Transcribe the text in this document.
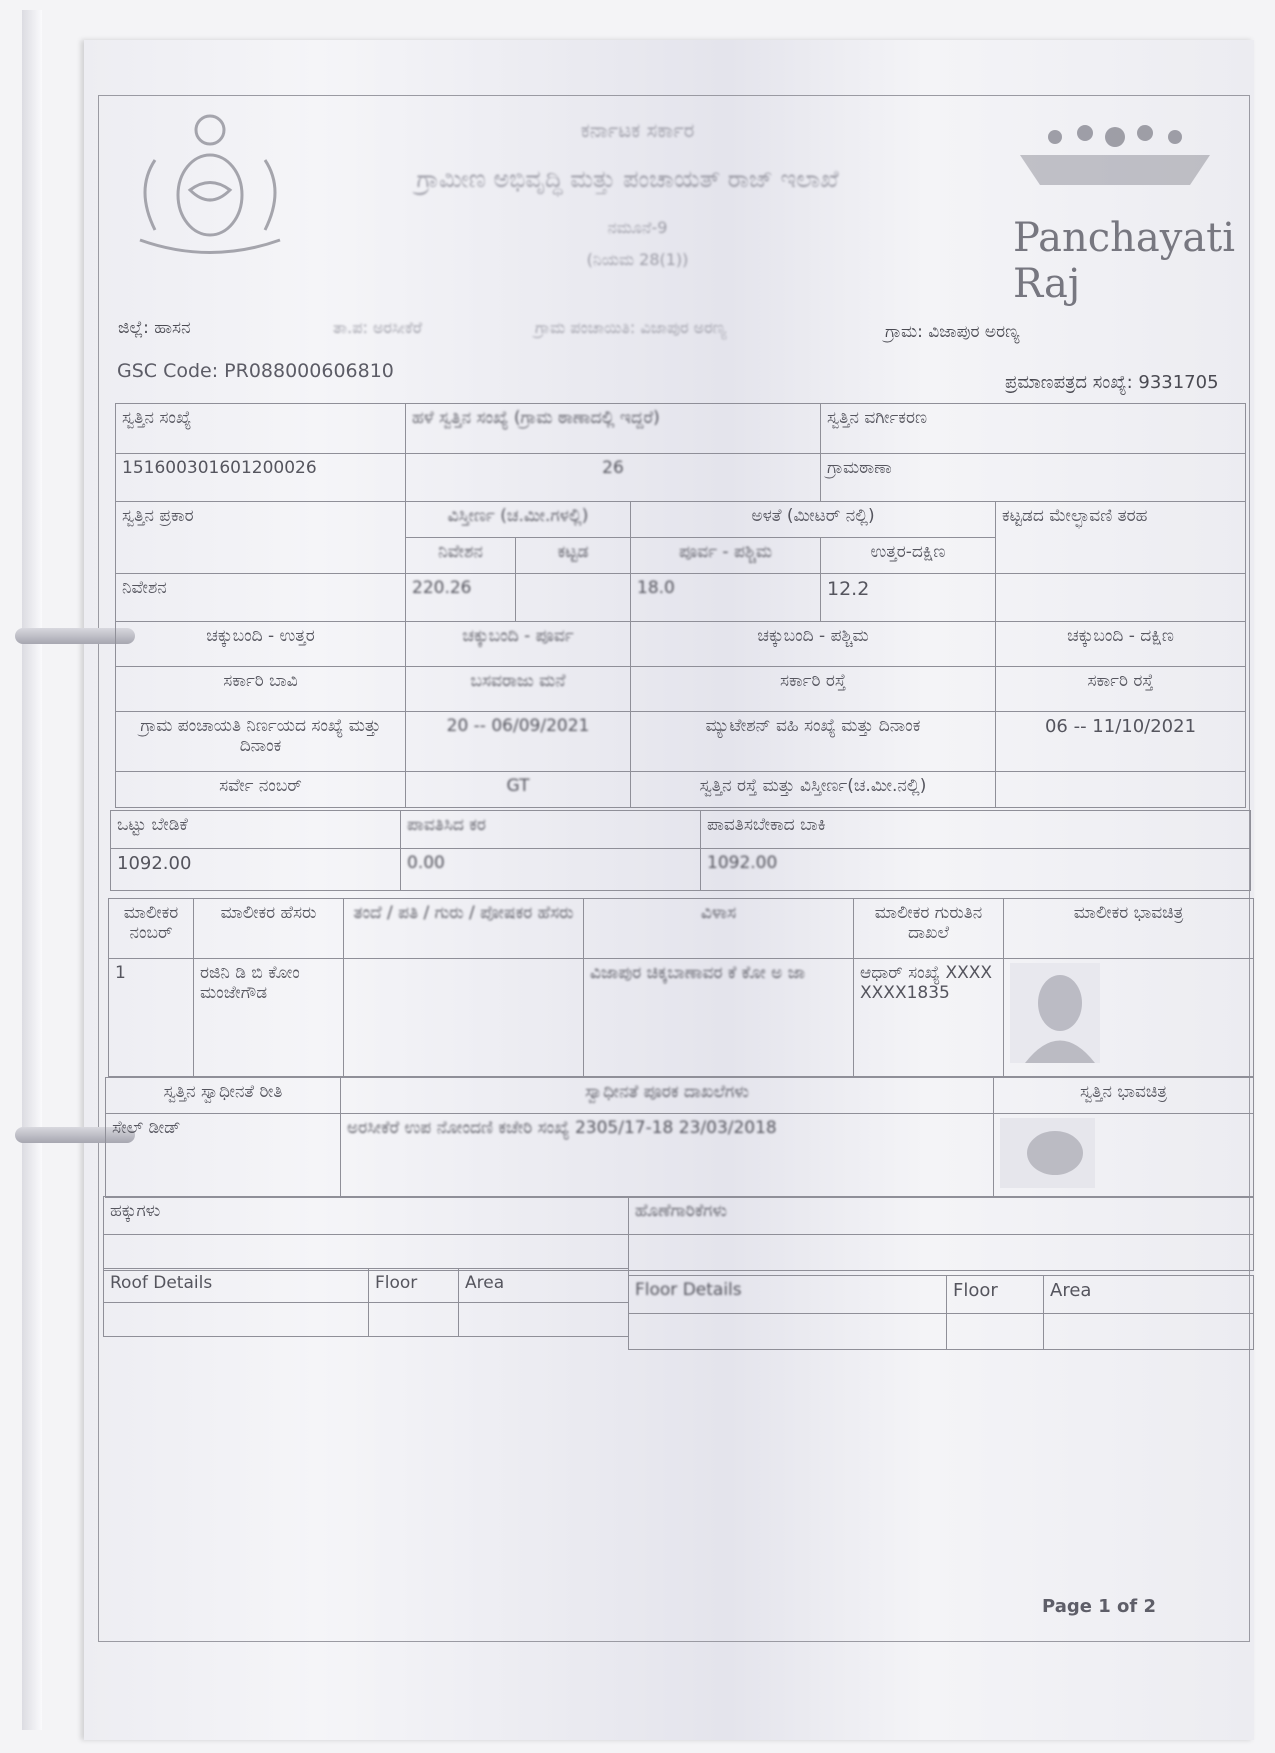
Panchayati Raj
ಕರ್ನಾಟಕ ಸರ್ಕಾರ
ಗ್ರಾಮೀಣ ಅಭಿವೃದ್ಧಿ ಮತ್ತು ಪಂಚಾಯತ್ ರಾಜ್ ಇಲಾಖೆ
ನಮೂನೆ-9
(ನಿಯಮ 28(1))
ಜಿಲ್ಲೆ: ಹಾಸನ	ತಾ.ಪ: ಅರಸೀಕೆರೆ	ಗ್ರಾಮ ಪಂಚಾಯಿತಿ: ವಿಜಾಪುರ ಅರಣ್ಯ	ಗ್ರಾಮ: ವಿಜಾಪುರ ಅರಣ್ಯ
GSC Code: PR088000606810
ಪ್ರಮಾಣಪತ್ರದ ಸಂಖ್ಯೆ: 9331705
ಸ್ವತ್ತಿನ ಸಂಖ್ಯೆ	ಹಳೆ ಸ್ವತ್ತಿನ ಸಂಖ್ಯೆ (ಗ್ರಾಮ ಠಾಣಾದಲ್ಲಿ ಇದ್ದರೆ)	ಸ್ವತ್ತಿನ ವರ್ಗೀಕರಣ
151600301601200026	26	ಗ್ರಾಮಠಾಣಾ
ಸ್ವತ್ತಿನ ಪ್ರಕಾರ	ವಿಸ್ತೀರ್ಣ (ಚ.ಮೀ.ಗಳಲ್ಲಿ)		ಅಳತೆ (ಮೀಟರ್ ನಲ್ಲಿ)		ಕಟ್ಟಡದ ಮೇಲ್ಛಾವಣಿ ತರಹ
	ನಿವೇಶನ	ಕಟ್ಟಡ	ಪೂರ್ವ - ಪಶ್ಚಿಮ	ಉತ್ತರ-ದಕ್ಷಿಣ	
ನಿವೇಶನ	220.26		18.0	12.2	
ಚಕ್ಕುಬಂದಿ - ಉತ್ತರ	ಚಕ್ಕುಬಂದಿ - ಪೂರ್ವ	ಚಕ್ಕುಬಂದಿ - ಪಶ್ಚಿಮ	ಚಕ್ಕುಬಂದಿ - ದಕ್ಷಿಣ
ಸರ್ಕಾರಿ ಬಾವಿ	ಬಸವರಾಜು ಮನೆ	ಸರ್ಕಾರಿ ರಸ್ತೆ	ಸರ್ಕಾರಿ ರಸ್ತೆ
ಗ್ರಾಮ ಪಂಚಾಯತಿ ನಿರ್ಣಯದ ಸಂಖ್ಯೆ ಮತ್ತು ದಿನಾಂಕ	20 -- 06/09/2021	ಮ್ಯುಟೇಶನ್ ವಹಿ ಸಂಖ್ಯೆ ಮತ್ತು ದಿನಾಂಕ	06 -- 11/10/2021
ಸರ್ವೇ ನಂಬರ್	GT	ಸ್ವತ್ತಿನ ರಸ್ತೆ ಮತ್ತು ವಿಸ್ತೀರ್ಣ(ಚ.ಮೀ.ನಲ್ಲಿ)	
ಒಟ್ಟು ಬೇಡಿಕೆ	ಪಾವತಿಸಿದ ಕರ	ಪಾವತಿಸಬೇಕಾದ ಬಾಕಿ
1092.00	0.00	1092.00
ಮಾಲೀಕರ ನಂಬರ್	ಮಾಲೀಕರ ಹೆಸರು	ತಂದೆ / ಪತಿ / ಗುರು / ಪೋಷಕರ ಹೆಸರು	ವಿಳಾಸ	ಮಾಲೀಕರ ಗುರುತಿನ ದಾಖಲೆ	ಮಾಲೀಕರ ಭಾವಚಿತ್ರ
1	ರಜಿನಿ ಡಿ ಬಿ ಕೋಂ ಮಂಜೇಗೌಡ		ವಿಜಾಪುರ ಚಿಕ್ಕಬಾಣಾವರ ಕೆ ಕೋ ಅ ಜಾ	ಆಧಾರ್ ಸಂಖ್ಯೆ XXXXXXXX1835	
ಸ್ವತ್ತಿನ ಸ್ವಾಧೀನತೆ ರೀತಿ	ಸ್ವಾಧೀನತೆ ಪೂರಕ ದಾಖಲೆಗಳು	ಸ್ವತ್ತಿನ ಭಾವಚಿತ್ರ
ಸೇಲ್ ಡೀಡ್	ಅರಸೀಕೆರೆ ಉಪ ನೋಂದಣಿ ಕಚೇರಿ ಸಂಖ್ಯೆ 2305/17-18 23/03/2018	
ಹಕ್ಕುಗಳು	ಹೊಣೆಗಾರಿಕೆಗಳು

Roof Details	Floor	Area
			Floor Details	Floor	Area

Page 1 of 2
